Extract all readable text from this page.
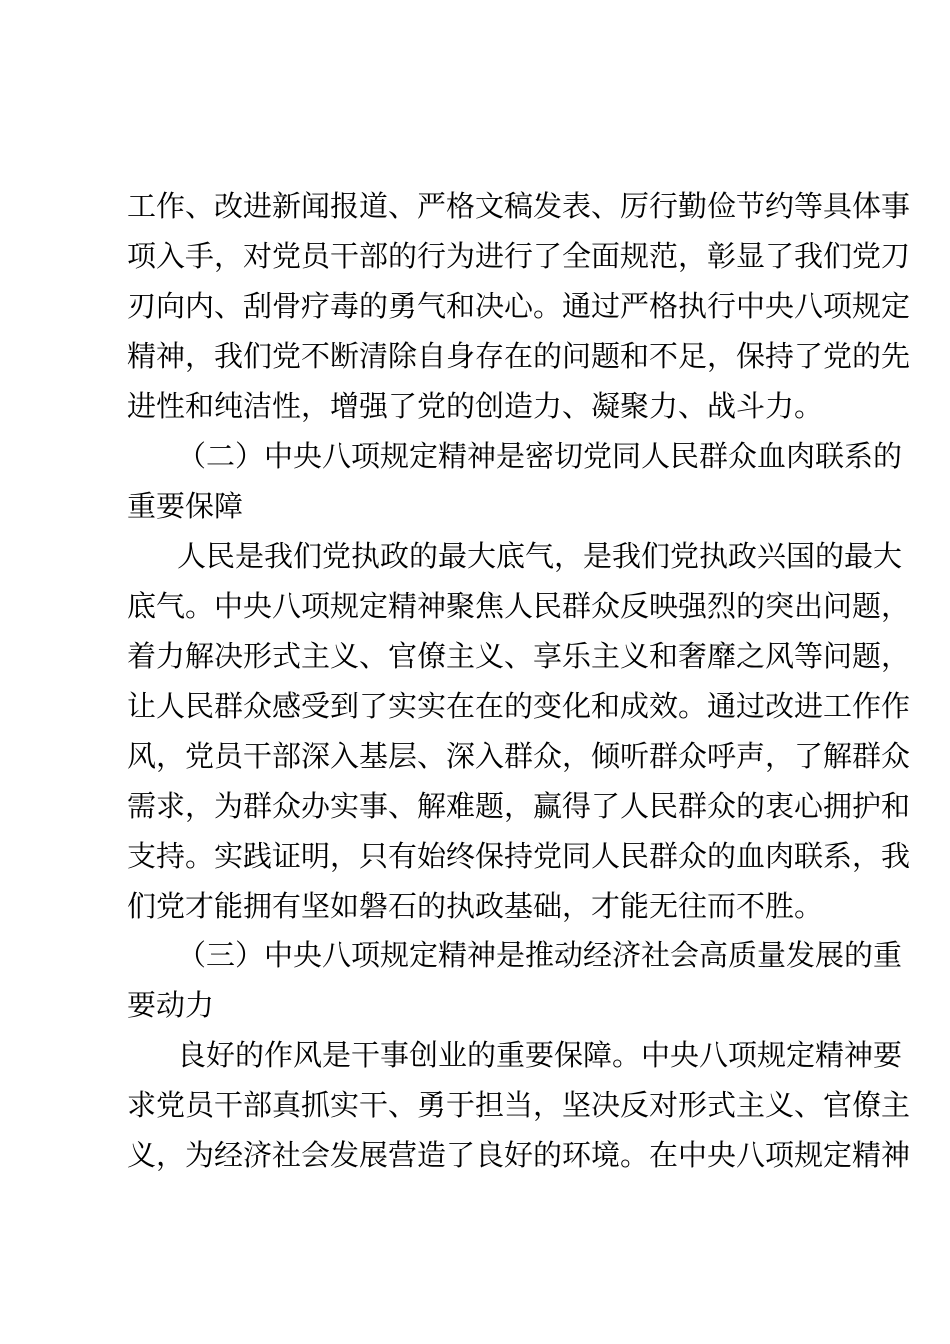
工作、改进新闻报道、严格文稿发表、厉行勤俭节约等具体事
项入手，对党员干部的行为进行了全面规范，彰显了我们党刀
刃向内、刮骨疗毒的勇气和决心。通过严格执行中央八项规定
精神，我们党不断清除自身存在的问题和不足，保持了党的先
进性和纯洁性，增强了党的创造力、凝聚力、战斗力。
（二）中央八项规定精神是密切党同人民群众血肉联系的
重要保障
人民是我们党执政的最大底气，是我们党执政兴国的最大
底气。中央八项规定精神聚焦人民群众反映强烈的突出问题，
着力解决形式主义、官僚主义、享乐主义和奢靡之风等问题，
让人民群众感受到了实实在在的变化和成效。通过改进工作作
风，党员干部深入基层、深入群众，倾听群众呼声，了解群众
需求，为群众办实事、解难题，赢得了人民群众的衷心拥护和
支持。实践证明，只有始终保持党同人民群众的血肉联系，我
们党才能拥有坚如磐石的执政基础，才能无往而不胜。
（三）中央八项规定精神是推动经济社会高质量发展的重
要动力
良好的作风是干事创业的重要保障。中央八项规定精神要
求党员干部真抓实干、勇于担当，坚决反对形式主义、官僚主
义，为经济社会发展营造了良好的环境。在中央八项规定精神
